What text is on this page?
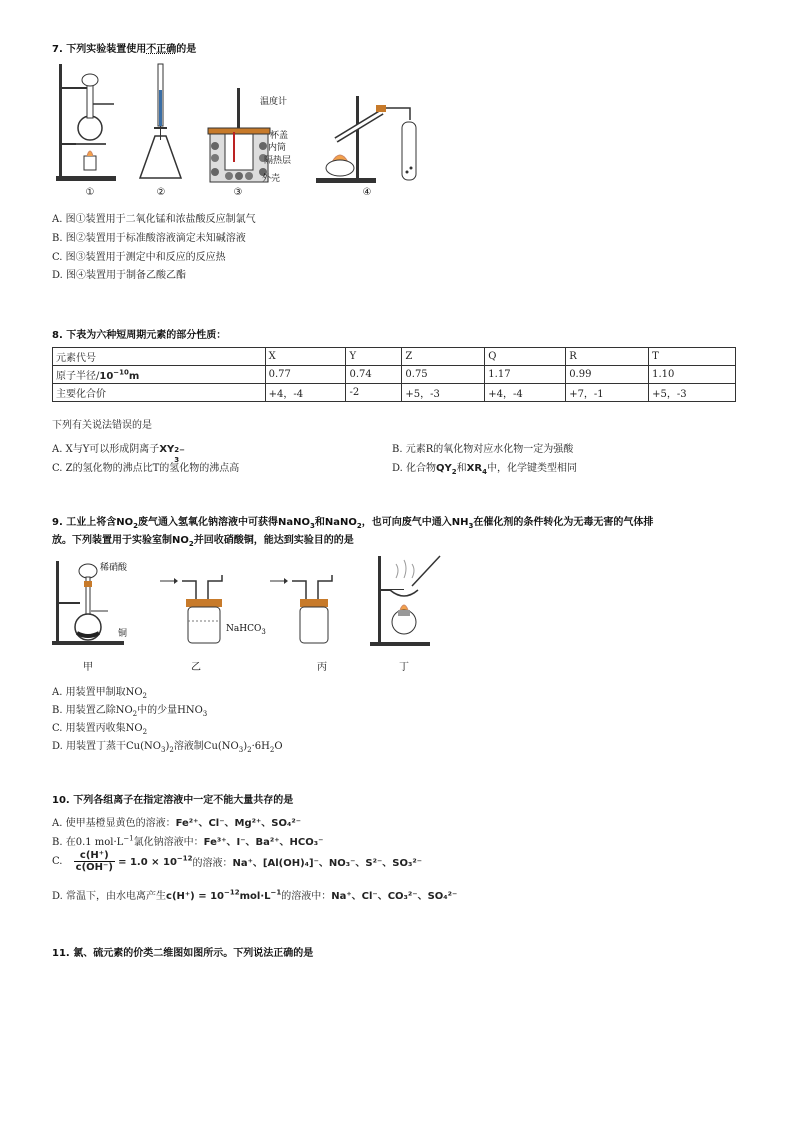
7. 下列实验装置使用不正确的是
①	②
温度计
杯盖
内筒
隔热层
外壳
③	④
A. 图①装置用于二氧化锰和浓盐酸反应制氯气
B. 图②装置用于标准酸溶液滴定未知碱溶液
C. 图③装置用于测定中和反应的反应热
D. 图④装置用于制备乙酸乙酯
8. 下表为六种短周期元素的部分性质：
元素代号	X	Y	Z	Q	R	T
原子半径$/10^{-10}m$	0.77	0.74	0.75	1.17	0.99	1.10
主要化合价	+4，-4	-2	+5，-3	+4，-4	+7，-1	+5，-3
下列有关说法错误的是
A. X与Y可以形成阴离子XY 2−
3
B. 元素R的氧化物对应水化物一定为强酸
C. Z的氢化物的沸点比T的氢化物的沸点高	D. 化合物$QY_2$和$XR_4$中，化学键类型相同
9. 工业上将含$NO_2$废气通入氢氧化钠溶液中可获得NaNO$_3$和NaNO$_2$，也可向废气中通入$NH_3$在催化剂的条件转化为无毒无害的气体排
放。下列装置用于实验室制$NO_2$并回收硝酸铜，能达到实验目的的是
稀硝酸
铜
甲
NaHCO$_3$
乙	丙	丁
A. 用装置甲制取$NO_2$
B. 用装置乙除$NO_2$中的少量$HNO_3$
C. 用装置丙收集$NO_2$
D. 用装置丁蒸干$Cu(NO_3)_2$溶液制$Cu(NO_3)_2\cdot 6H_2O$
10. 下列各组离子在指定溶液中一定不能大量共存的是
A. 使甲基橙显黄色的溶液：Fe²⁺、Cl⁻、Mg²⁺、SO₄²⁻
B. 在0.1 $mol\cdot L^{-1}$氯化钠溶液中：Fe³⁺、I⁻、Ba²⁺、HCO₃⁻
C. $\frac{c(H^+)}{c(OH^-)} = 1.0 \times 10^{-12}$的溶液：Na⁺、[Al(OH)₄]⁻、NO₃⁻、S²⁻、SO₃²⁻
D. 常温下，由水电离产生$c(H^+) = 10^{-12}mol\cdot L^{-1}$的溶液中：Na⁺、Cl⁻、CO₃²⁻、SO₄²⁻
11. 氯、硫元素的价类二维图如图所示。下列说法正确的是
